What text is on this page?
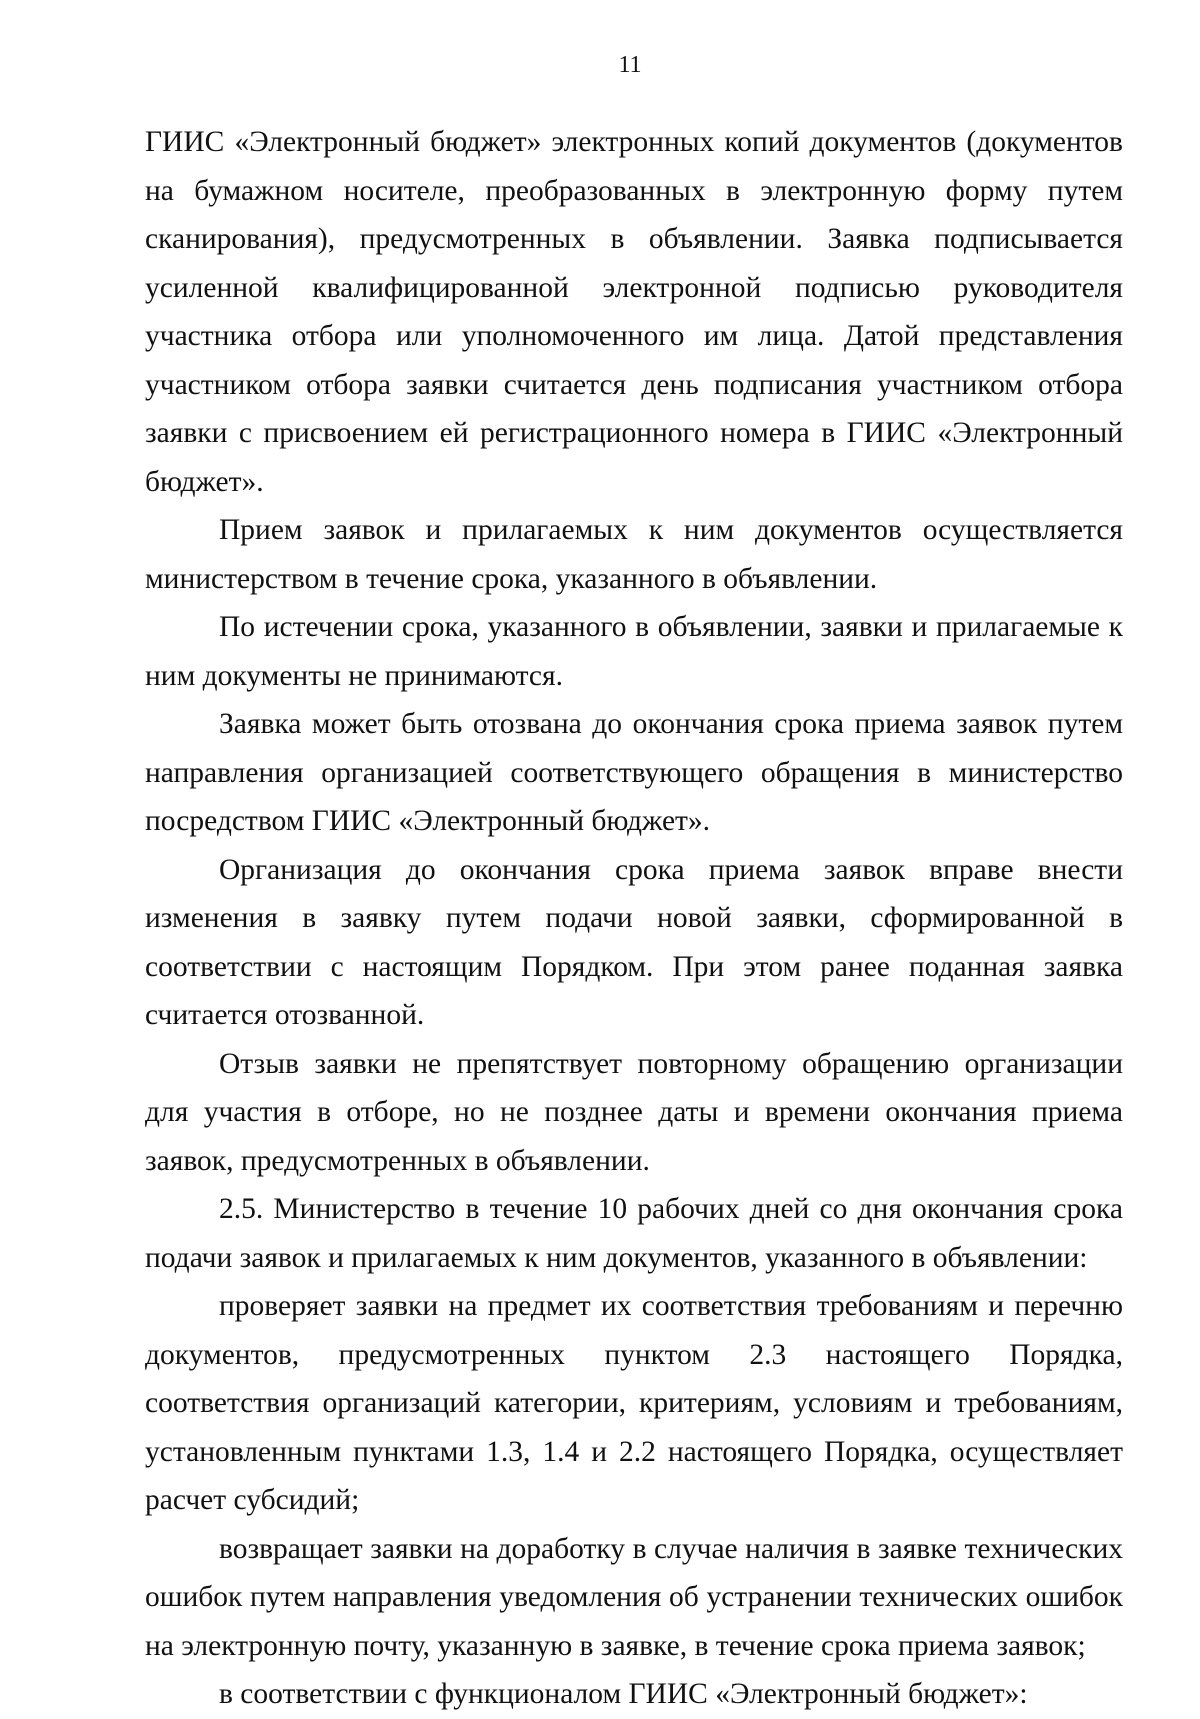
11

ГИИС «Электронный бюджет» электронных копий документов (документов на бумажном носителе, преобразованных в электронную форму путем сканирования), предусмотренных в объявлении. Заявка подписывается усиленной квалифицированной электронной подписью руководителя участника отбора или уполномоченного им лица. Датой представления участником отбора заявки считается день подписания участником отбора заявки с присвоением ей регистрационного номера в ГИИС «Электронный бюджет».

Прием заявок и прилагаемых к ним документов осуществляется министерством в течение срока, указанного в объявлении.

По истечении срока, указанного в объявлении, заявки и прилагаемые к ним документы не принимаются.

Заявка может быть отозвана до окончания срока приема заявок путем направления организацией соответствующего обращения в министерство посредством ГИИС «Электронный бюджет».

Организация до окончания срока приема заявок вправе внести изменения в заявку путем подачи новой заявки, сформированной в соответствии с настоящим Порядком. При этом ранее поданная заявка считается отозванной.

Отзыв заявки не препятствует повторному обращению организации для участия в отборе, но не позднее даты и времени окончания приема заявок, предусмотренных в объявлении.

2.5. Министерство в течение 10 рабочих дней со дня окончания срока подачи заявок и прилагаемых к ним документов, указанного в объявлении:

проверяет заявки на предмет их соответствия требованиям и перечню документов, предусмотренных пунктом 2.3 настоящего Порядка, соответствия организаций категории, критериям, условиям и требованиям, установленным пунктами 1.3, 1.4 и 2.2 настоящего Порядка, осуществляет расчет субсидий;

возвращает заявки на доработку в случае наличия в заявке технических ошибок путем направления уведомления об устранении технических ошибок на электронную почту, указанную в заявке, в течение срока приема заявок;

в соответствии с функционалом ГИИС «Электронный бюджет»:
